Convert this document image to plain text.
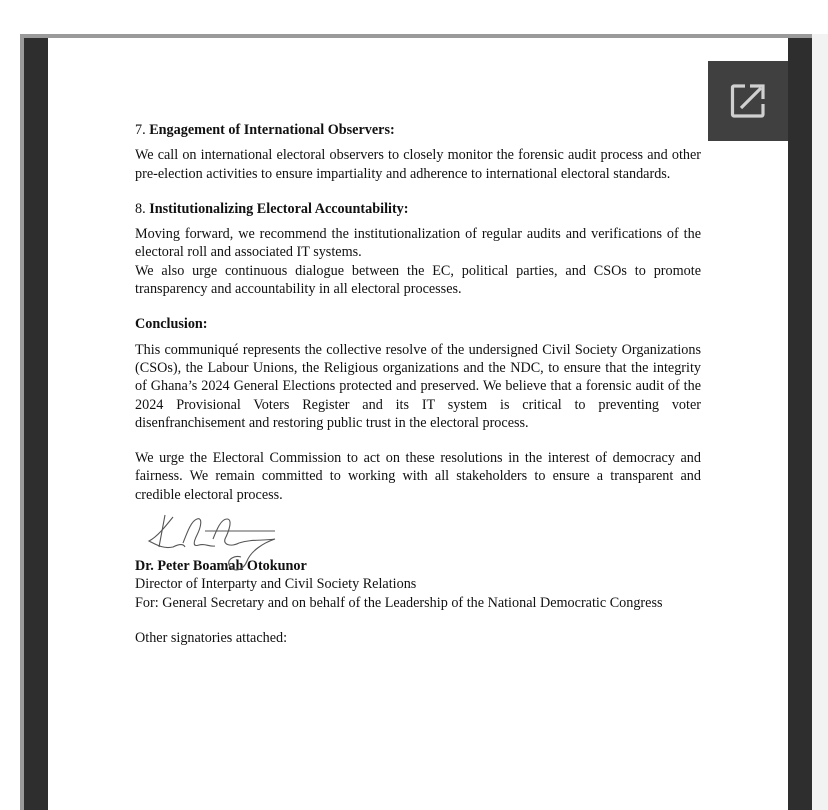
7. Engagement of International Observers:

We call on international electoral observers to closely monitor the forensic audit process and other pre-election activities to ensure impartiality and adherence to international electoral standards.

8. Institutionalizing Electoral Accountability:

Moving forward, we recommend the institutionalization of regular audits and verifications of the electoral roll and associated IT systems.

We also urge continuous dialogue between the EC, political parties, and CSOs to promote transparency and accountability in all electoral processes.

Conclusion:

This communiqué represents the collective resolve of the undersigned Civil Society Organizations (CSOs), the Labour Unions, the Religious organizations and the NDC, to ensure that the integrity of Ghana’s 2024 General Elections protected and preserved. We believe that a forensic audit of the 2024 Provisional Voters Register and its IT system is critical to preventing voter disenfranchisement and restoring public trust in the electoral process.

We urge the Electoral Commission to act on these resolutions in the interest of democracy and fairness. We remain committed to working with all stakeholders to ensure a transparent and credible electoral process.

Dr. Peter Boamah Otokunor

Director of Interparty and Civil Society Relations

For: General Secretary and on behalf of the Leadership of the National Democratic Congress

Other signatories attached:
